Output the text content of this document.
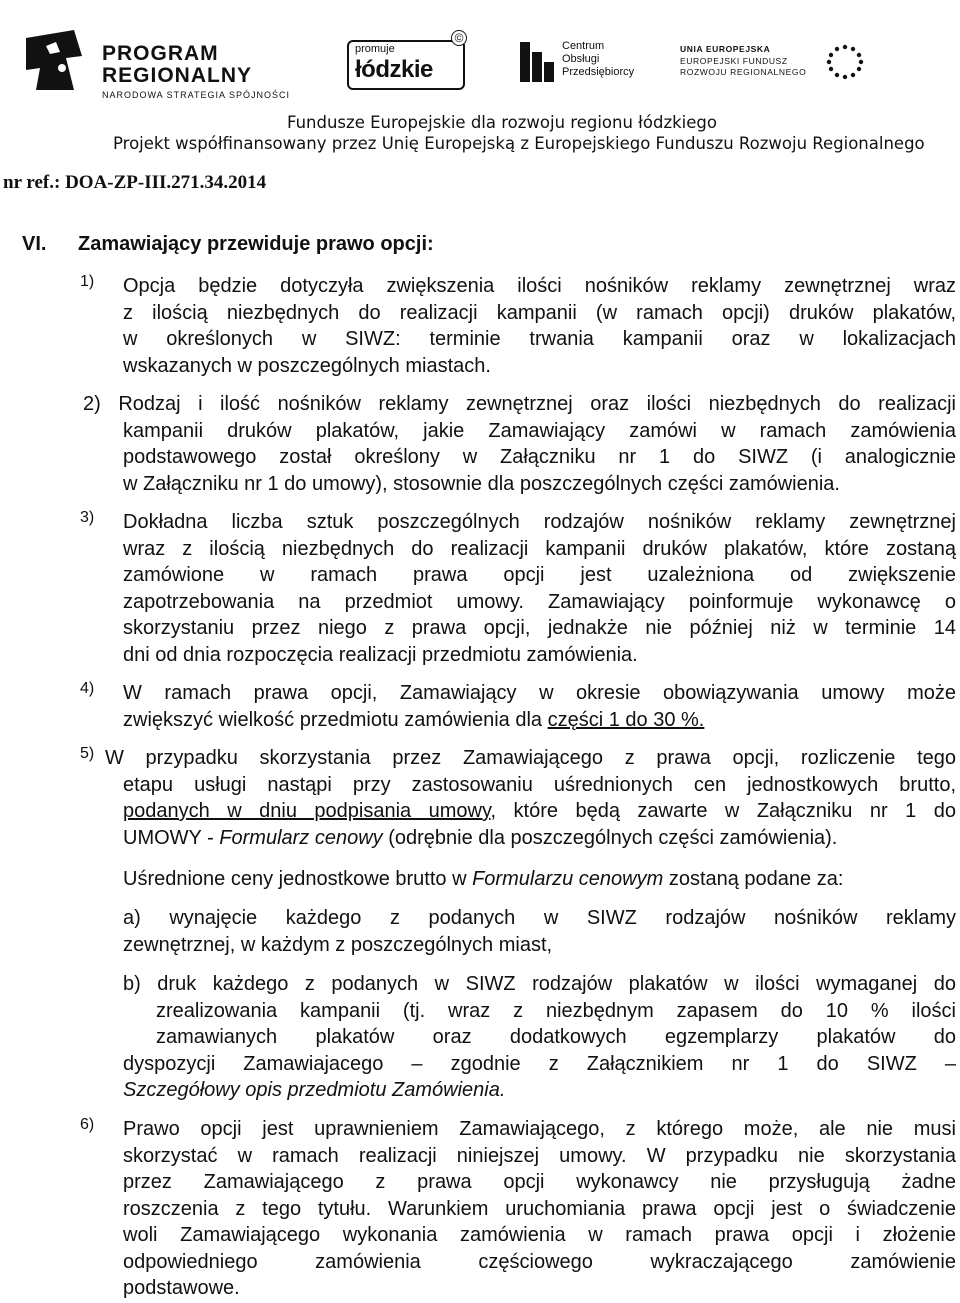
PROGRAM
REGIONALNY
NARODOWA STRATEGIA SPÓJNOŚCI
promuje
łódzkie
©
Centrum
Obsługi
Przedsiębiorcy
UNIA EUROPEJSKA
EUROPEJSKI FUNDUSZ
ROZWOJU REGIONALNEGO
Fundusze Europejskie dla rozwoju regionu łódzkiego
Projekt współfinansowany przez Unię Europejską z Europejskiego Funduszu Rozwoju Regionalnego
nr ref.: DOA-ZP-III.271.34.2014
VI. Zamawiający przewiduje prawo opcji:
1) Opcja będzie dotyczyła zwiększenia ilości nośników reklamy zewnętrznej wraz
z ilością niezbędnych do realizacji kampanii (w ramach opcji) druków plakatów,
w określonych w SIWZ: terminie trwania kampanii oraz w lokalizacjach
wskazanych w poszczególnych miastach.
2) Rodzaj i ilość nośników reklamy zewnętrznej oraz ilości niezbędnych do realizacji
kampanii druków plakatów, jakie Zamawiający zamówi w ramach zamówienia
podstawowego został określony w Załączniku nr 1 do SIWZ (i analogicznie
w Załączniku nr 1 do umowy), stosownie dla poszczególnych części zamówienia.
3) Dokładna liczba sztuk poszczególnych rodzajów nośników reklamy zewnętrznej
wraz z ilością niezbędnych do realizacji kampanii druków plakatów, które zostaną
zamówione w ramach prawa opcji jest uzależniona od zwiększenie
zapotrzebowania na przedmiot umowy. Zamawiający poinformuje wykonawcę o
skorzystaniu przez niego z prawa opcji, jednakże nie później niż w terminie 14
dni od dnia rozpoczęcia realizacji przedmiotu zamówienia.
4) W ramach prawa opcji, Zamawiający w okresie obowiązywania umowy może
zwiększyć wielkość przedmiotu zamówienia dla części 1 do 30 %.
5) W przypadku skorzystania przez Zamawiającego z prawa opcji, rozliczenie tego
etapu usługi nastąpi przy zastosowaniu uśrednionych cen jednostkowych brutto,
podanych w dniu podpisania umowy, które będą zawarte w Załączniku nr 1 do
UMOWY - Formularz cenowy (odrębnie dla poszczególnych części zamówienia).
Uśrednione ceny jednostkowe brutto w Formularzu cenowym zostaną podane za:
a) wynajęcie każdego z podanych w SIWZ rodzajów nośników reklamy
zewnętrznej, w każdym z poszczególnych miast,
b) druk każdego z podanych w SIWZ rodzajów plakatów w ilości wymaganej do
zrealizowania kampanii (tj. wraz z niezbędnym zapasem do 10 % ilości
zamawianych plakatów oraz dodatkowych egzemplarzy plakatów do
dyspozycji Zamawiajacego – zgodnie z Załącznikiem nr 1 do SIWZ –
Szczegółowy opis przedmiotu Zamówienia.
6) Prawo opcji jest uprawnieniem Zamawiającego, z którego może, ale nie musi
skorzystać w ramach realizacji niniejszej umowy. W przypadku nie skorzystania
przez Zamawiającego z prawa opcji wykonawcy nie przysługują żadne
roszczenia z tego tytułu. Warunkiem uruchomiania prawa opcji jest o świadczenie
woli Zamawiającego wykonania zamówienia w ramach prawa opcji i złożenie
odpowiedniego zamówienia częściowego wykraczającego zamówienie
podstawowe.
